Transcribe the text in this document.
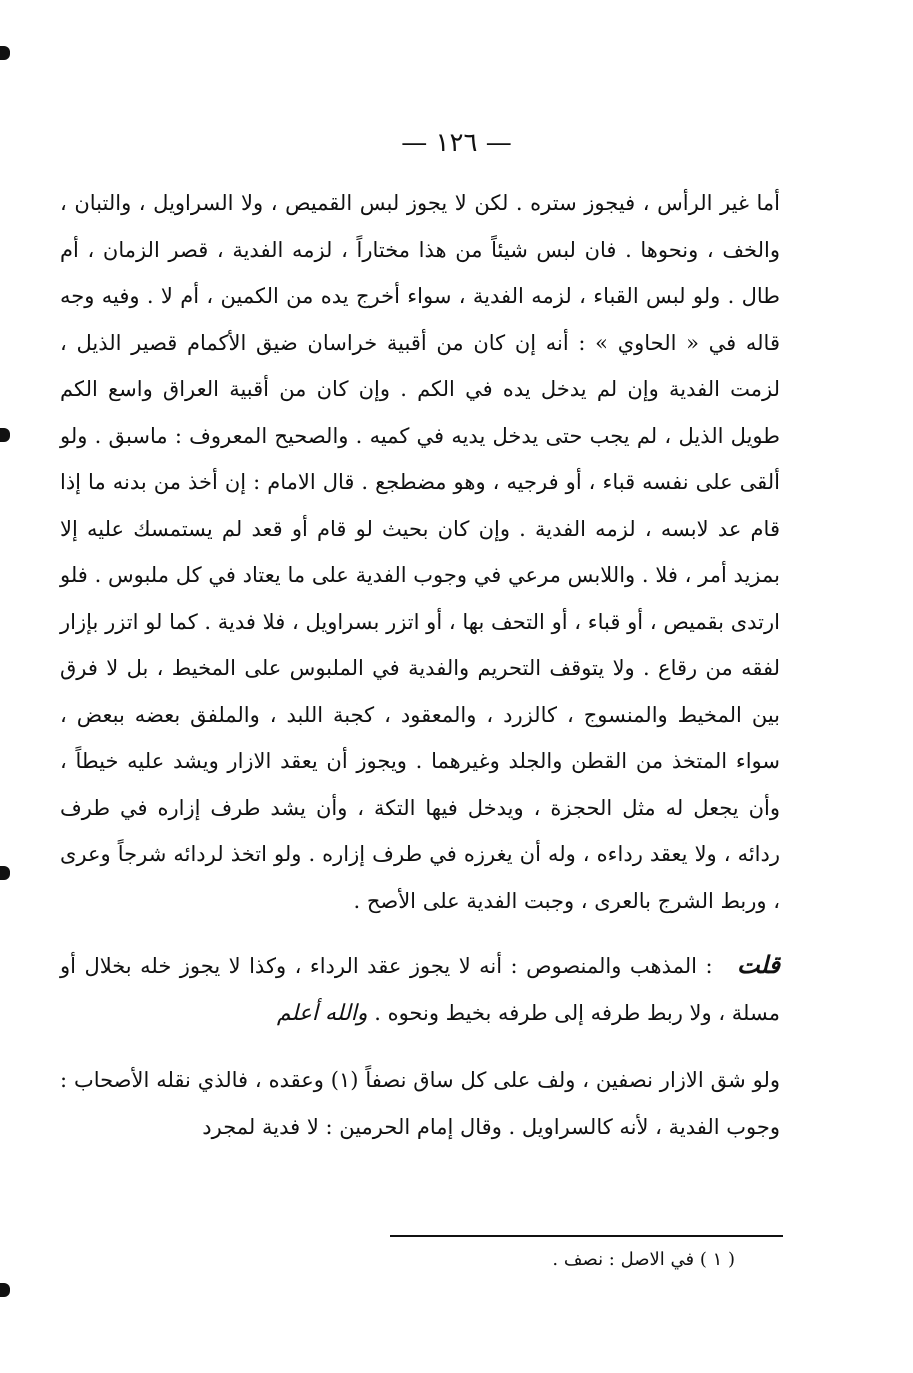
— ١٢٦ —

أما غير الرأس ، فيجوز ستره . لكن لا يجوز لبس القميص ، ولا السراويل ، والتبان ، والخف ، ونحوها . فان لبس شيئاً من هذا مختاراً ، لزمه الفدية ، قصر الزمان ، أم طال . ولو لبس القباء ، لزمه الفدية ، سواء أخرج يده من الكمين ، أم لا . وفيه وجه قاله في « الحاوي » : أنه إن كان من أقبية خراسان ضيق الأكمام قصير الذيل ، لزمت الفدية وإن لم يدخل يده في الكم . وإن كان من أقبية العراق واسع الكم طويل الذيل ، لم يجب حتى يدخل يديه في كميه . والصحيح المعروف : ماسبق . ولو ألقى على نفسه قباء ، أو فرجيه ، وهو مضطجع . قال الامام : إن أخذ من بدنه ما إذا قام عد لابسه ، لزمه الفدية . وإن كان بحيث لو قام أو قعد لم يستمسك عليه إلا بمزيد أمر ، فلا . واللابس مرعي في وجوب الفدية على ما يعتاد في كل ملبوس . فلو ارتدى بقميص ، أو قباء ، أو التحف بها ، أو اتزر بسراويل ، فلا فدية . كما لو اتزر بإزار لفقه من رقاع . ولا يتوقف التحريم والفدية في الملبوس على المخيط ، بل لا فرق بين المخيط والمنسوج ، كالزرد ، والمعقود ، كجبة اللبد ، والملفق بعضه ببعض ، سواء المتخذ من القطن والجلد وغيرهما . ويجوز أن يعقد الازار ويشد عليه خيطاً ، وأن يجعل له مثل الحجزة ، ويدخل فيها التكة ، وأن يشد طرف إزاره في طرف ردائه ، ولا يعقد رداءه ، وله أن يغرزه في طرف إزاره . ولو اتخذ لردائه شرجاً وعرى ، وربط الشرج بالعرى ، وجبت الفدية على الأصح .

قلت : المذهب والمنصوص : أنه لا يجوز عقد الرداء ، وكذا لا يجوز خله بخلال أو مسلة ، ولا ربط طرفه إلى طرفه بخيط ونحوه . والله أعلم

ولو شق الازار نصفين ، ولف على كل ساق نصفاً (١) وعقده ، فالذي نقله الأصحاب : وجوب الفدية ، لأنه كالسراويل . وقال إمام الحرمين : لا فدية لمجرد

( ١ ) في الاصل : نصف .
